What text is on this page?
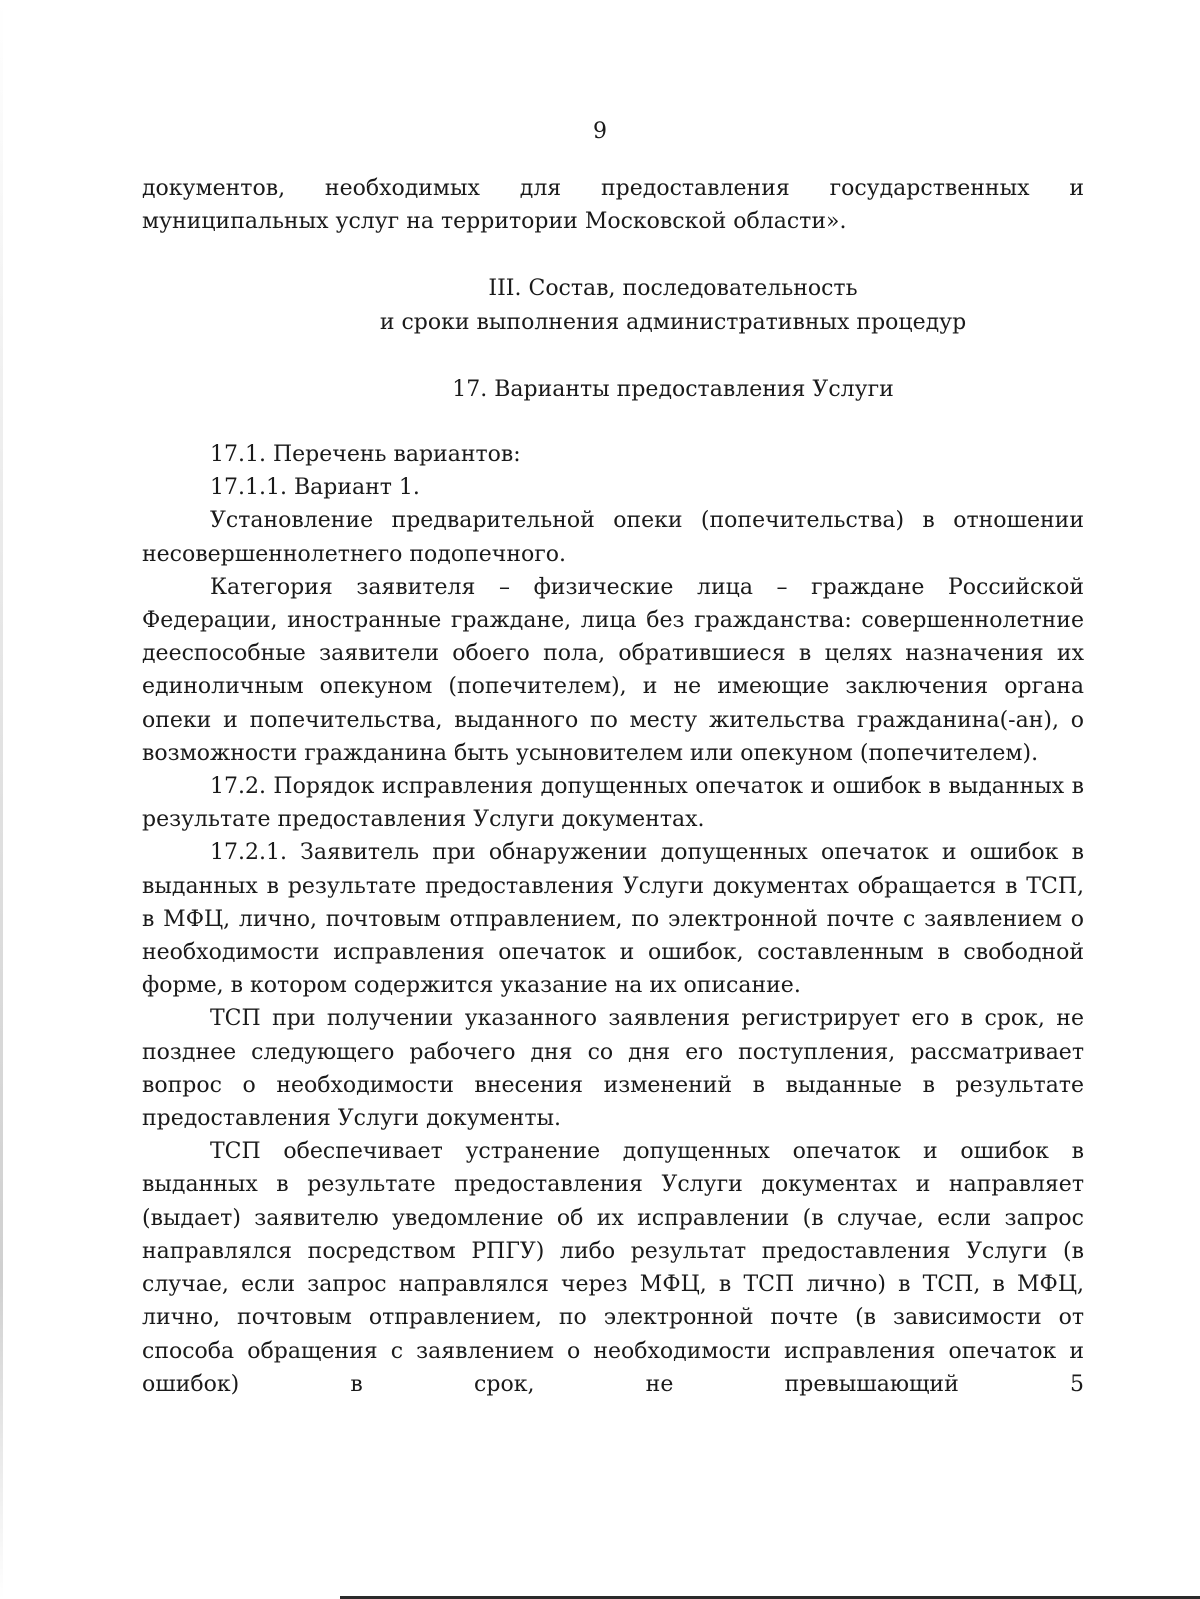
9

документов, необходимых для предоставления государственных и муниципальных услуг на территории Московской области».

III. Состав, последовательность

и сроки выполнения административных процедур

17. Варианты предоставления Услуги

17.1. Перечень вариантов:

17.1.1. Вариант 1.

Установление предварительной опеки (попечительства) в отношении несовершеннолетнего подопечного.

Категория заявителя – физические лица – граждане Российской Федерации, иностранные граждане, лица без гражданства: совершеннолетние дееспособные заявители обоего пола, обратившиеся в целях назначения их единоличным опекуном (попечителем), и не имеющие заключения органа опеки и попечительства, выданного по месту жительства гражданина(-ан), о возможности гражданина быть усыновителем или опекуном (попечителем).

17.2. Порядок исправления допущенных опечаток и ошибок в выданных в результате предоставления Услуги документах.

17.2.1. Заявитель при обнаружении допущенных опечаток и ошибок в выданных в результате предоставления Услуги документах обращается в ТСП, в МФЦ, лично, почтовым отправлением, по электронной почте с заявлением о необходимости исправления опечаток и ошибок, составленным в свободной форме, в котором содержится указание на их описание.

ТСП при получении указанного заявления регистрирует его в срок, не позднее следующего рабочего дня со дня его поступления, рассматривает вопрос о необходимости внесения изменений в выданные в результате предоставления Услуги документы.

ТСП обеспечивает устранение допущенных опечаток и ошибок в выданных в результате предоставления Услуги документах и направляет (выдает) заявителю уведомление об их исправлении (в случае, если запрос направлялся посредством РПГУ) либо результат предоставления Услуги (в случае, если запрос направлялся через МФЦ, в ТСП лично) в ТСП, в МФЦ, лично, почтовым отправлением, по электронной почте (в зависимости от способа обращения с заявлением о необходимости исправления опечаток и ошибок) в срок, не превышающий 5
